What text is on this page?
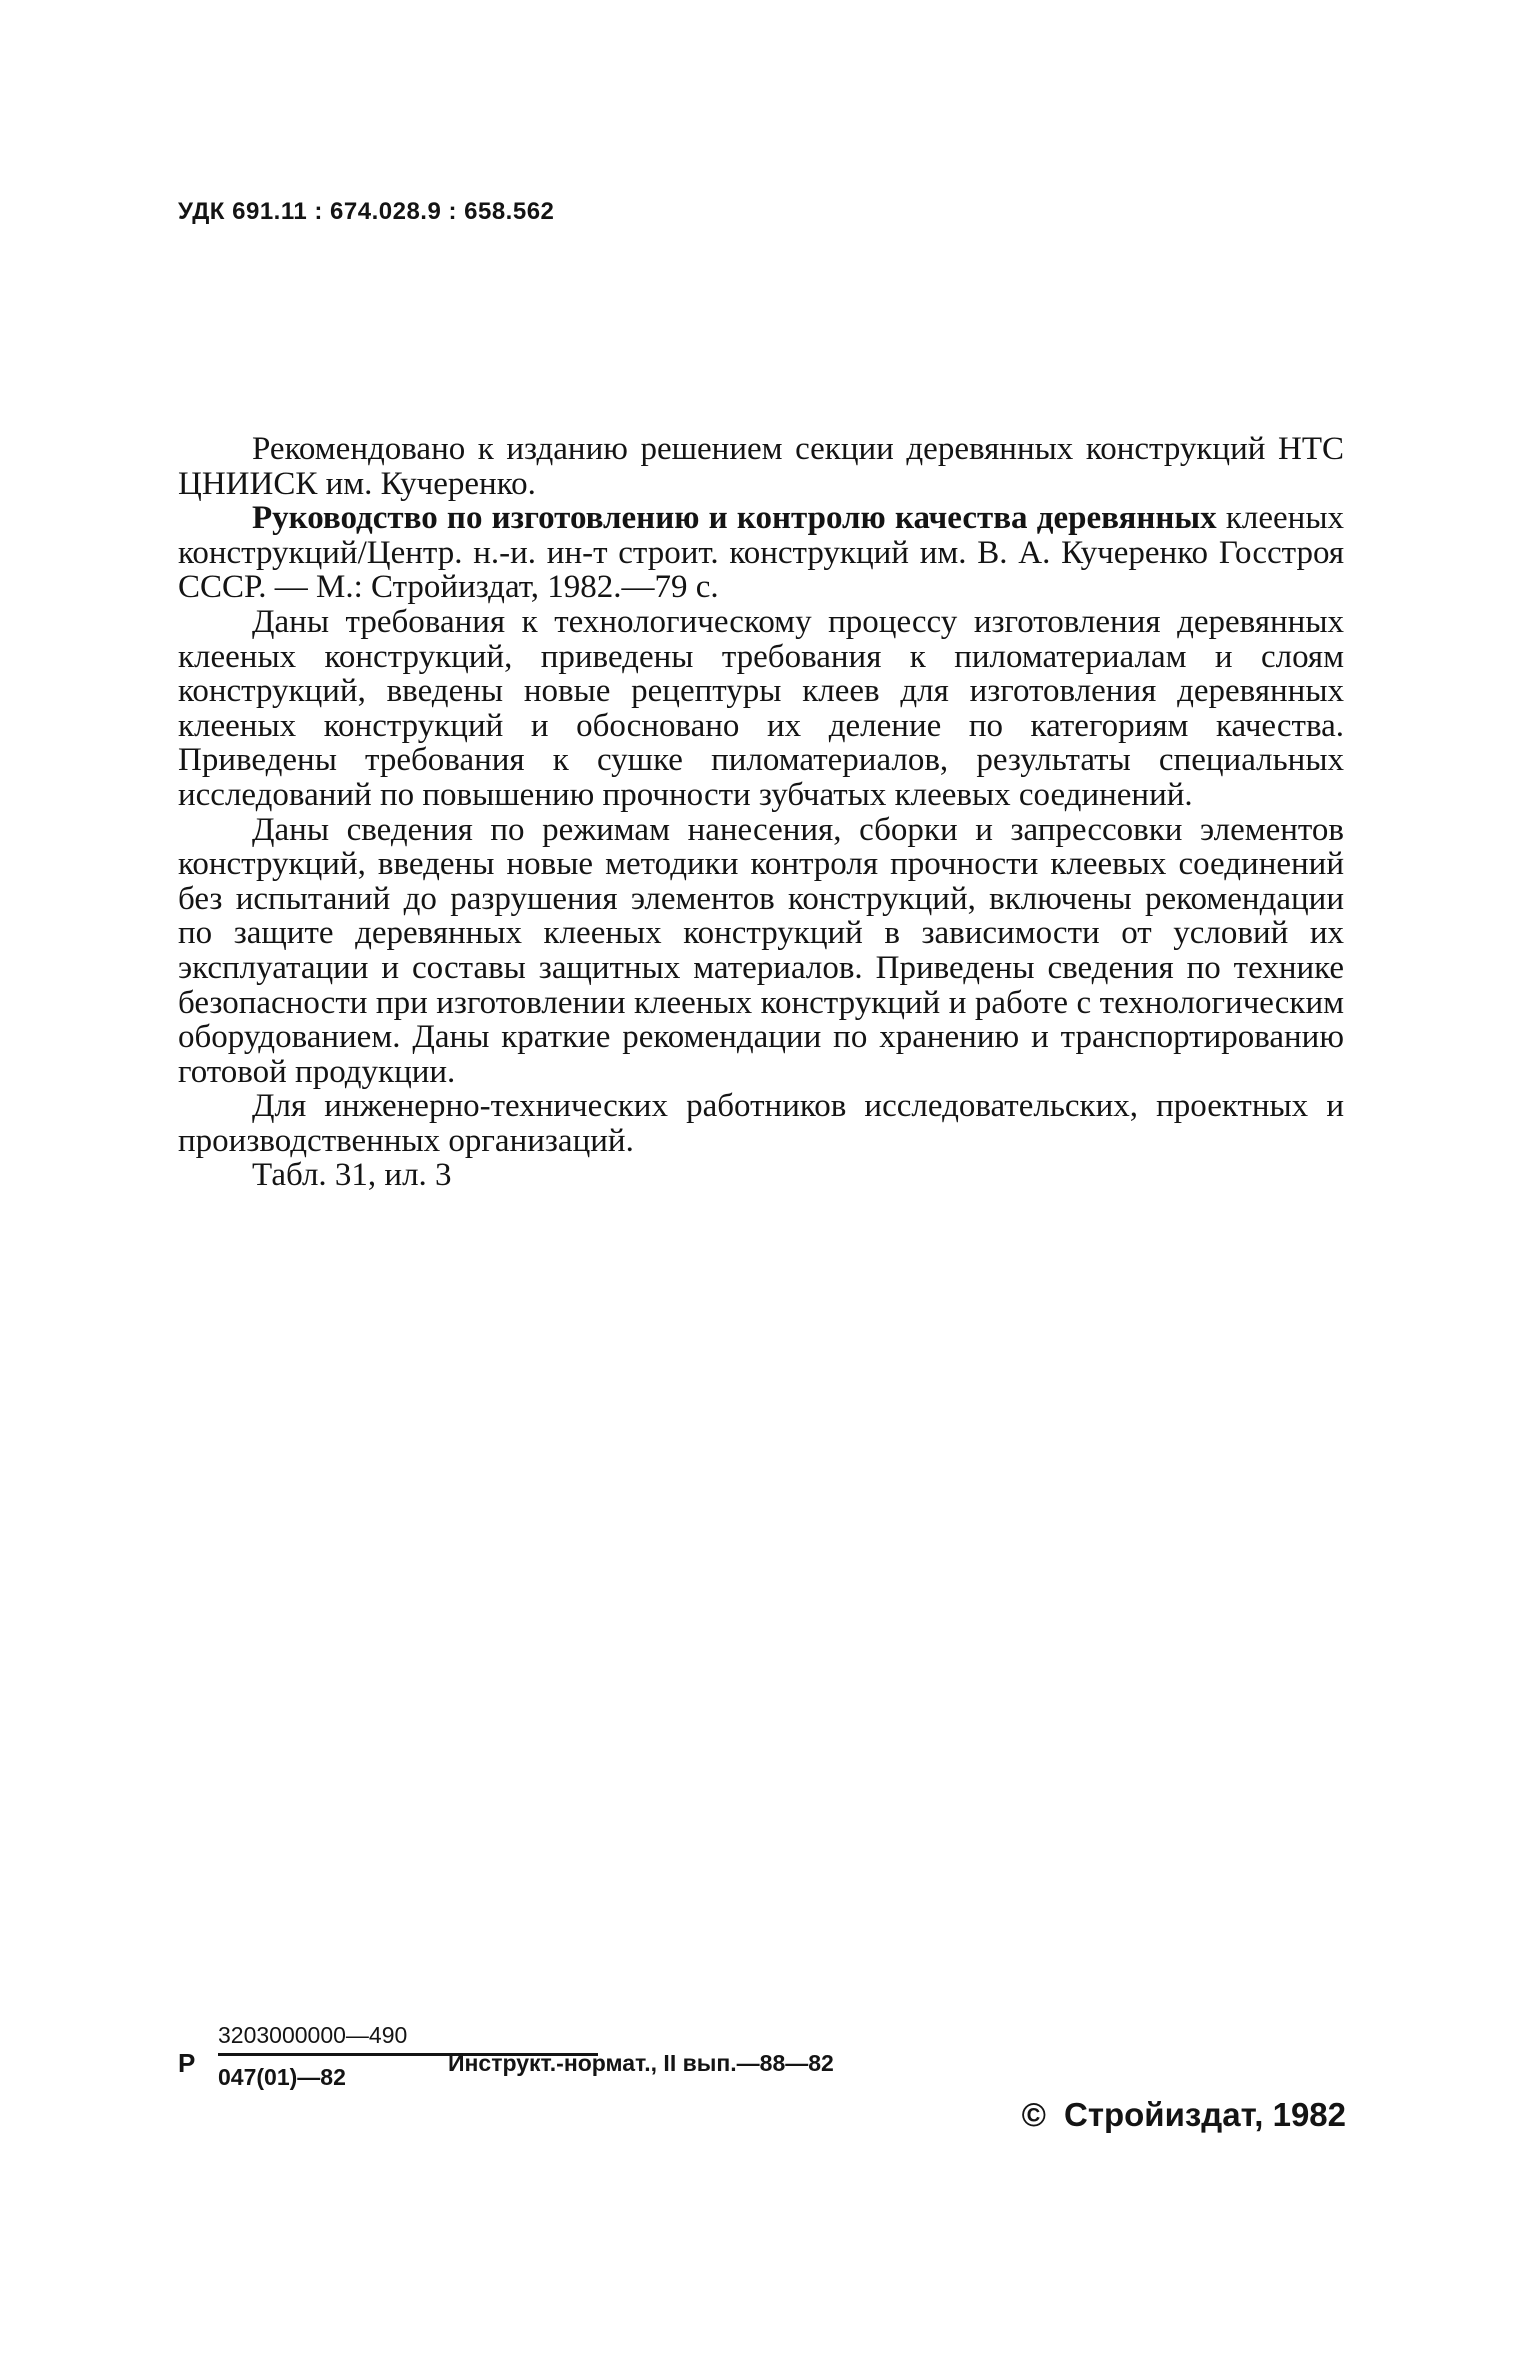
УДК 691.11 : 674.028.9 : 658.562

Рекомендовано к изданию решением секции деревянных конструкций НТС ЦНИИСК им. Кучеренко.

Руководство по изготовлению и контролю качества деревянных клееных конструкций/Центр. н.-и. ин-т строит. конструкций им. В. А. Кучеренко Госстроя СССР. — М.: Стройиздат, 1982.—79 с.

Даны требования к технологическому процессу изготовления деревянных клееных конструкций, приведены требования к пиломатериалам и слоям конструкций, введены новые рецептуры клеев для изготовления деревянных клееных конструкций и обосновано их деление по категориям качества. Приведены требования к сушке пиломатериалов, результаты специальных исследований по повышению прочности зубчатых клеевых соединений.

Даны сведения по режимам нанесения, сборки и запрессовки элементов конструкций, введены новые методики контроля прочности клеевых соединений без испытаний до разрушения элементов конструкций, включены рекомендации по защите деревянных клееных конструкций в зависимости от условий их эксплуатации и составы защитных материалов. Приведены сведения по технике безопасности при изготовлении клееных конструкций и работе с технологическим оборудованием. Даны краткие рекомендации по хранению и транспортированию готовой продукции.

Для инженерно-технических работников исследовательских, проектных и производственных организаций.

Табл. 31, ил. 3

Р
3203000000—490
047(01)—82
Инструкт.-нормат., II вып.—88—82
© Стройиздат, 1982
